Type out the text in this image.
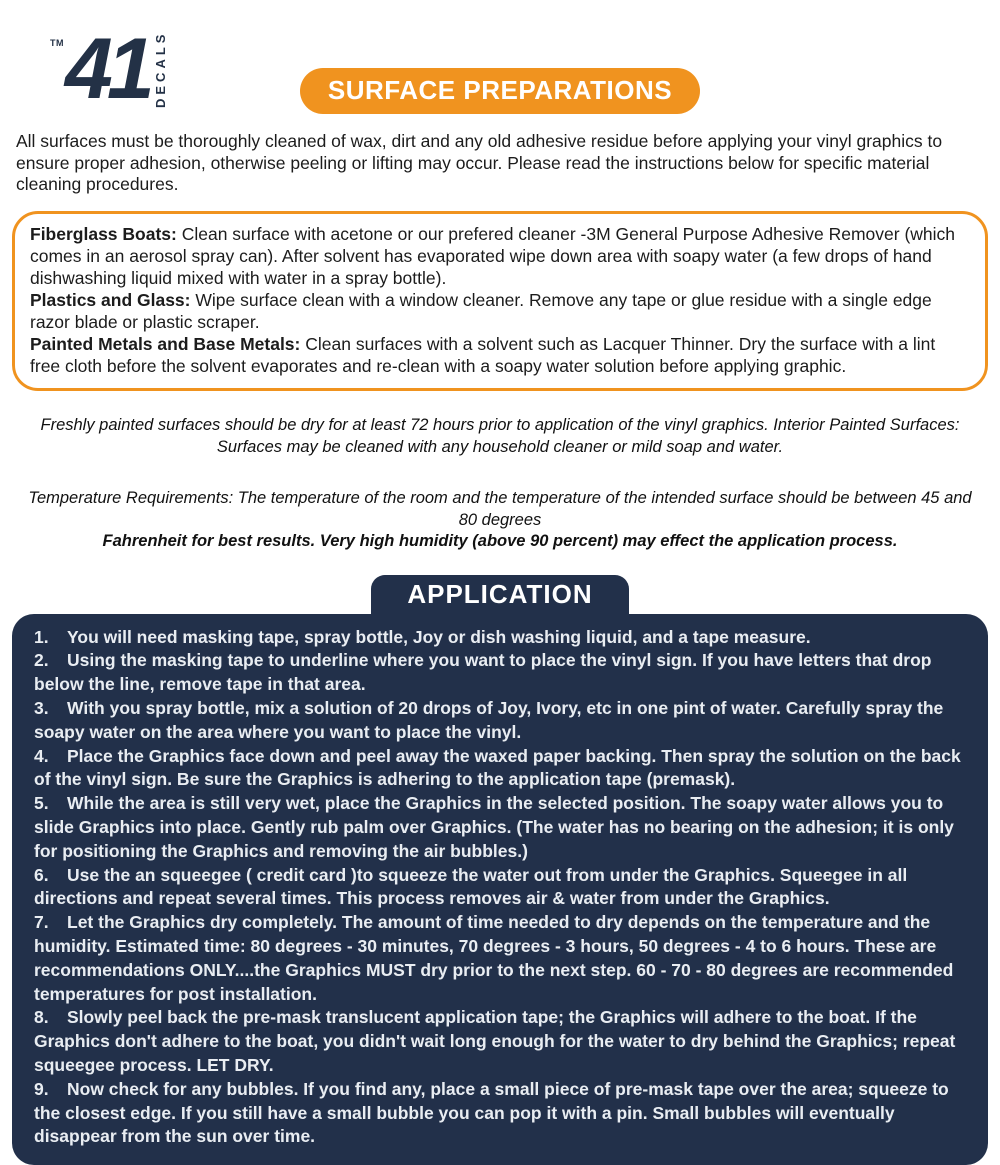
TM 41 DECALS	SURFACE PREPARATIONS

All surfaces must be thoroughly cleaned of wax, dirt and any old adhesive residue before applying your vinyl graphics to ensure proper adhesion, otherwise peeling or lifting may occur. Please read the instructions below for specific material cleaning procedures.

Fiberglass Boats: Clean surface with acetone or our prefered cleaner -3M General Purpose Adhesive Remover (which comes in an aerosol spray can). After solvent has evaporated wipe down area with soapy water (a few drops of hand dishwashing liquid mixed with water in a spray bottle).

Plastics and Glass: Wipe surface clean with a window cleaner. Remove any tape or glue residue with a single edge razor blade or plastic scraper.

Painted Metals and Base Metals: Clean surfaces with a solvent such as Lacquer Thinner. Dry the surface with a lint free cloth before the solvent evaporates and re-clean with a soapy water solution before applying graphic.

Freshly painted surfaces should be dry for at least 72 hours prior to application of the vinyl graphics. Interior Painted Surfaces: Surfaces may be cleaned with any household cleaner or mild soap and water.

Temperature Requirements: The temperature of the room and the temperature of the intended surface should be between 45 and 80 degrees
Fahrenheit for best results. Very high humidity (above 90 percent) may effect the application process.

APPLICATION

1. You will need masking tape, spray bottle, Joy or dish washing liquid, and a tape measure.

2. Using the masking tape to underline where you want to place the vinyl sign. If you have letters that drop below the line, remove tape in that area.

3. With you spray bottle, mix a solution of 20 drops of Joy, Ivory, etc in one pint of water. Carefully spray the soapy water on the area where you want to place the vinyl.

4. Place the Graphics face down and peel away the waxed paper backing. Then spray the solution on the back of the vinyl sign. Be sure the Graphics is adhering to the application tape (premask).

5. While the area is still very wet, place the Graphics in the selected position. The soapy water allows you to slide Graphics into place. Gently rub palm over Graphics. (The water has no bearing on the adhesion; it is only for positioning the Graphics and removing the air bubbles.)

6. Use the an squeegee ( credit card )to squeeze the water out from under the Graphics. Squeegee in all directions and repeat several times. This process removes air & water from under the Graphics.

7. Let the Graphics dry completely. The amount of time needed to dry depends on the temperature and the humidity. Estimated time: 80 degrees - 30 minutes, 70 degrees - 3 hours, 50 degrees - 4 to 6 hours. These are recommendations ONLY....the Graphics MUST dry prior to the next step. 60 - 70 - 80 degrees are recommended temperatures for post installation.

8. Slowly peel back the pre-mask translucent application tape; the Graphics will adhere to the boat. If the Graphics don't adhere to the boat, you didn't wait long enough for the water to dry behind the Graphics; repeat squeegee process. LET DRY.

9. Now check for any bubbles. If you find any, place a small piece of pre-mask tape over the area; squeeze to the closest edge. If you still have a small bubble you can pop it with a pin. Small bubbles will eventually disappear from the sun over time.
